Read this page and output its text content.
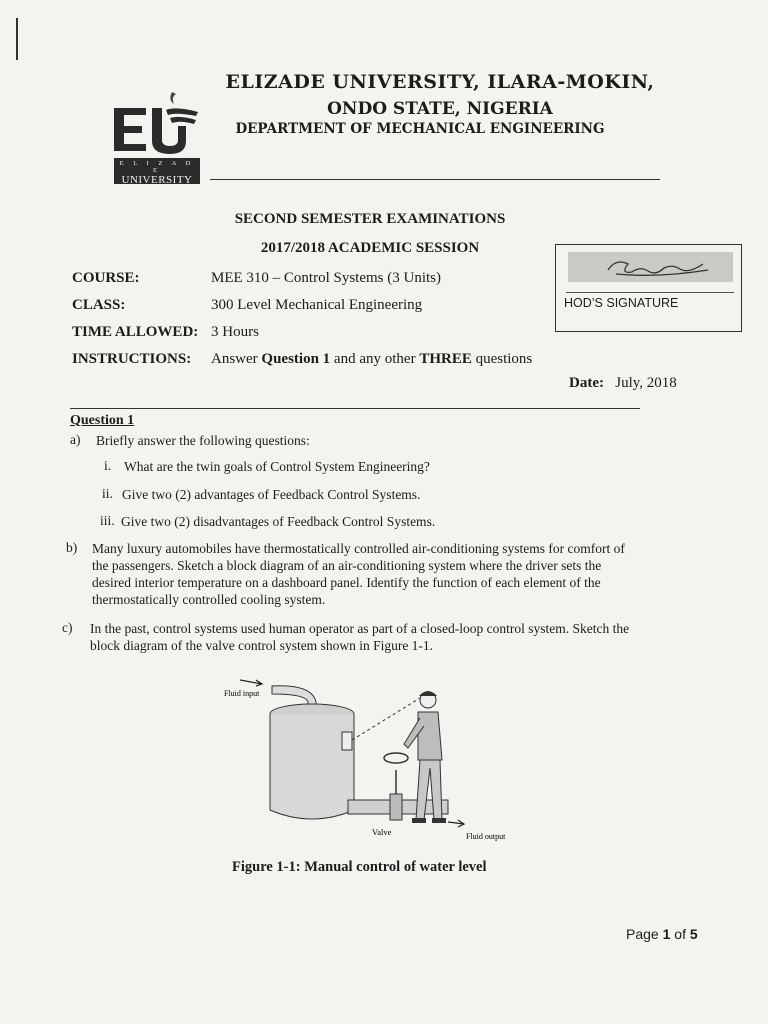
E L I Z A D E
UNIVERSITY
ELIZADE UNIVERSITY, ILARA-MOKIN,
ONDO STATE, NIGERIA
DEPARTMENT OF MECHANICAL ENGINEERING
SECOND SEMESTER EXAMINATIONS
2017/2018 ACADEMIC SESSION
COURSE:	MEE 310 – Control Systems (3 Units)
CLASS:	300 Level Mechanical Engineering
TIME ALLOWED: 3 Hours
INSTRUCTIONS: Answer Question 1 and any other THREE questions
HOD’S SIGNATURE
Date: July, 2018
Question 1
a) Briefly answer the following questions:
i. What are the twin goals of Control System Engineering?
ii. Give two (2) advantages of Feedback Control Systems.
iii. Give two (2) disadvantages of Feedback Control Systems.
b) Many luxury automobiles have thermostatically controlled air-conditioning systems for comfort of
the passengers. Sketch a block diagram of an air-conditioning system where the driver sets the
desired interior temperature on a dashboard panel. Identify the function of each element of the
thermostatically controlled cooling system.
c) In the past, control systems used human operator as part of a closed-loop control system. Sketch the
block diagram of the valve control system shown in Figure 1-1.
Fluid input
Valve	Fluid output
Figure 1-1: Manual control of water level
Page 1 of 5
